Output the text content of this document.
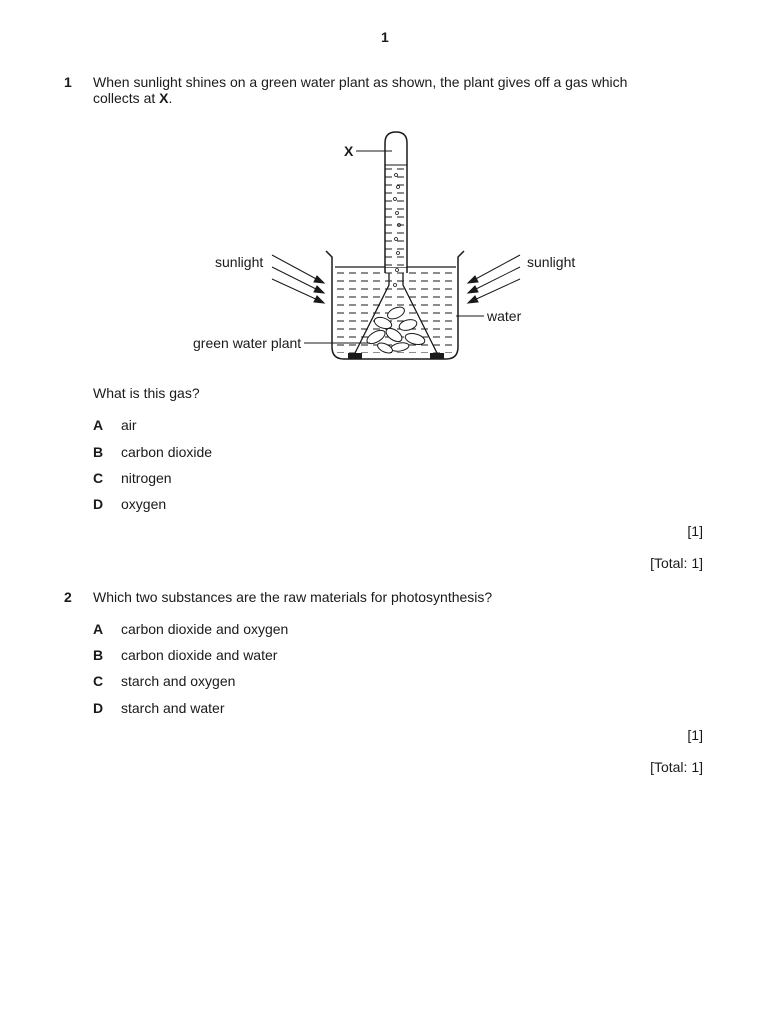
1
1 When sunlight shines on a green water plant as shown, the plant gives off a gas which
collects at X.
X
sunlight	sunlight
water
green water plant
What is this gas?
A air
B carbon dioxide
C nitrogen
D oxygen
[1]
[Total: 1]
2 Which two substances are the raw materials for photosynthesis?
A carbon dioxide and oxygen
B carbon dioxide and water
C starch and oxygen
D starch and water
[1]
[Total: 1]
